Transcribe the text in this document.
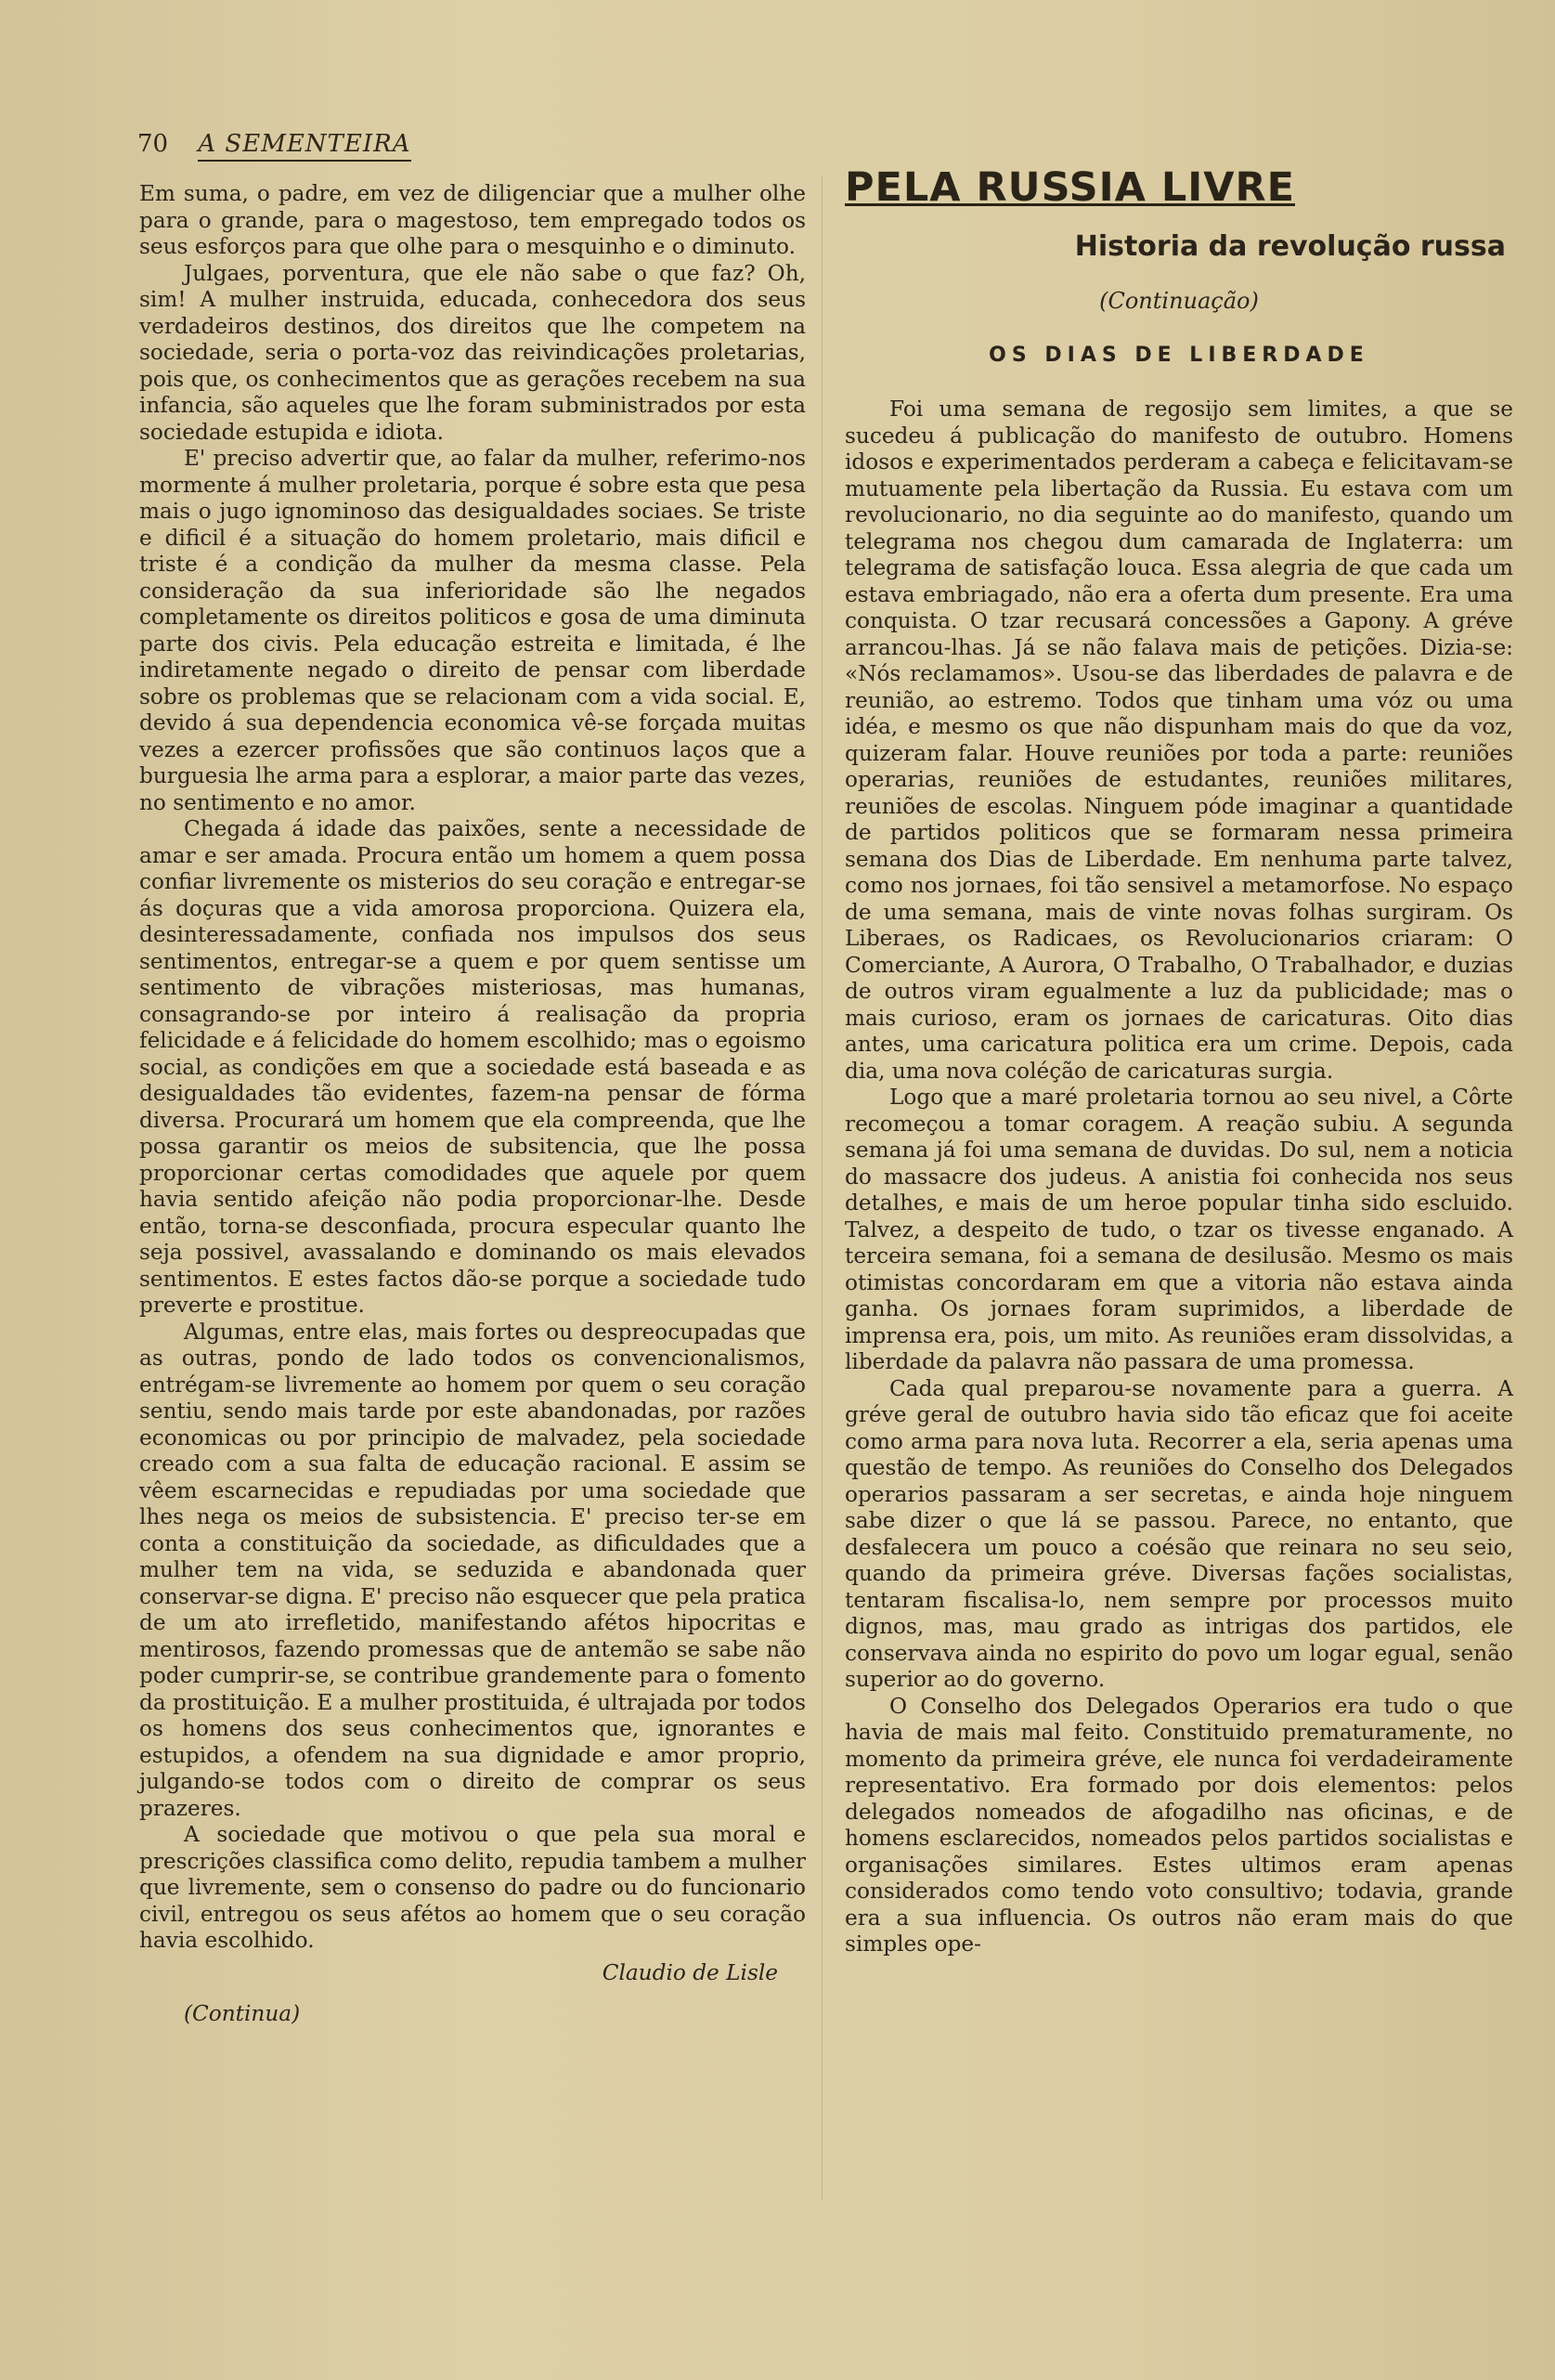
70 A SEMENTEIRA

Em suma, o padre, em vez de diligenciar que a mulher olhe para o grande, para o magestoso, tem empregado todos os seus esforços para que olhe para o mesquinho e o diminuto.

Julgaes, porventura, que ele não sabe o que faz? Oh, sim! A mulher instruida, educada, conhecedora dos seus verdadeiros destinos, dos direitos que lhe competem na sociedade, seria o porta-voz das reivindicações proletarias, pois que, os conhecimentos que as gerações recebem na sua infancia, são aqueles que lhe foram subministrados por esta sociedade estupida e idiota.

E' preciso advertir que, ao falar da mulher, referimo-nos mormente á mulher proletaria, porque é sobre esta que pesa mais o jugo ignominoso das desigualdades sociaes. Se triste e dificil é a situação do homem proletario, mais dificil e triste é a condição da mulher da mesma classe. Pela consideração da sua inferioridade são lhe negados completamente os direitos politicos e gosa de uma diminuta parte dos civis. Pela educação estreita e limitada, é lhe indiretamente negado o direito de pensar com liberdade sobre os problemas que se relacionam com a vida social. E, devido á sua dependencia economica vê-se forçada muitas vezes a ezercer profissões que são continuos laços que a burguesia lhe arma para a esplorar, a maior parte das vezes, no sentimento e no amor.

Chegada á idade das paixões, sente a necessidade de amar e ser amada. Procura então um homem a quem possa confiar livremente os misterios do seu coração e entregar-se ás doçuras que a vida amorosa proporciona. Quizera ela, desinteressadamente, confiada nos impulsos dos seus sentimentos, entregar-se a quem e por quem sentisse um sentimento de vibrações misteriosas, mas humanas, consagrando-se por inteiro á realisação da propria felicidade e á felicidade do homem escolhido; mas o egoismo social, as condições em que a sociedade está baseada e as desigualdades tão evidentes, fazem-na pensar de fórma diversa. Procurará um homem que ela compreenda, que lhe possa garantir os meios de subsitencia, que lhe possa proporcionar certas comodidades que aquele por quem havia sentido afeição não podia proporcionar-lhe. Desde então, torna-se desconfiada, procura especular quanto lhe seja possivel, avassalando e dominando os mais elevados sentimentos. E estes factos dão-se porque a sociedade tudo preverte e prostitue.

Algumas, entre elas, mais fortes ou despreocupadas que as outras, pondo de lado todos os convencionalismos, entrégam-se livremente ao homem por quem o seu coração sentiu, sendo mais tarde por este abandonadas, por razões economicas ou por principio de malvadez, pela sociedade creado com a sua falta de educação racional. E assim se vêem escarnecidas e repudiadas por uma sociedade que lhes nega os meios de subsistencia. E' preciso ter-se em conta a constituição da sociedade, as dificuldades que a mulher tem na vida, se seduzida e abandonada quer conservar-se digna. E' preciso não esquecer que pela pratica de um ato irrefletido, manifestando afétos hipocritas e mentirosos, fazendo promessas que de antemão se sabe não poder cumprir-se, se contribue grandemente para o fomento da prostituição. E a mulher prostituida, é ultrajada por todos os homens dos seus conhecimentos que, ignorantes e estupidos, a ofendem na sua dignidade e amor proprio, julgando-se todos com o direito de comprar os seus prazeres.

A sociedade que motivou o que pela sua moral e prescrições classifica como delito, repudia tambem a mulher que livremente, sem o consenso do padre ou do funcionario civil, entregou os seus afétos ao homem que o seu coração havia escolhido.

Claudio de Lisle
(Continua)
PELA RUSSIA LIVRE
Historia da revolução russa
(Continuação)
OS DIAS DE LIBERDADE

Foi uma semana de regosijo sem limites, a que se sucedeu á publicação do manifesto de outubro. Homens idosos e experimentados perderam a cabeça e felicitavam-se mutuamente pela libertação da Russia. Eu estava com um revolucionario, no dia seguinte ao do manifesto, quando um telegrama nos chegou dum camarada de Inglaterra: um telegrama de satisfação louca. Essa alegria de que cada um estava embriagado, não era a oferta dum presente. Era uma conquista. O tzar recusará concessões a Gapony. A gréve arrancou-lhas. Já se não falava mais de petições. Dizia-se: «Nós reclamamos». Usou-se das liberdades de palavra e de reunião, ao estremo. Todos que tinham uma vóz ou uma idéa, e mesmo os que não dispunham mais do que da voz, quizeram falar. Houve reuniões por toda a parte: reuniões operarias, reuniões de estudantes, reuniões militares, reuniões de escolas. Ninguem póde imaginar a quantidade de partidos politicos que se formaram nessa primeira semana dos Dias de Liberdade. Em nenhuma parte talvez, como nos jornaes, foi tão sensivel a metamorfose. No espaço de uma semana, mais de vinte novas folhas surgiram. Os Liberaes, os Radicaes, os Revolucionarios criaram: O Comerciante, A Aurora, O Trabalho, O Trabalhador, e duzias de outros viram egualmente a luz da publicidade; mas o mais curioso, eram os jornaes de caricaturas. Oito dias antes, uma caricatura politica era um crime. Depois, cada dia, uma nova coléção de caricaturas surgia.

Logo que a maré proletaria tornou ao seu nivel, a Côrte recomeçou a tomar coragem. A reação subiu. A segunda semana já foi uma semana de duvidas. Do sul, nem a noticia do massacre dos judeus. A anistia foi conhecida nos seus detalhes, e mais de um heroe popular tinha sido escluido. Talvez, a despeito de tudo, o tzar os tivesse enganado. A terceira semana, foi a semana de desilusão. Mesmo os mais otimistas concordaram em que a vitoria não estava ainda ganha. Os jornaes foram suprimidos, a liberdade de imprensa era, pois, um mito. As reuniões eram dissolvidas, a liberdade da palavra não passara de uma promessa.

Cada qual preparou-se novamente para a guerra. A gréve geral de outubro havia sido tão eficaz que foi aceite como arma para nova luta. Recorrer a ela, seria apenas uma questão de tempo. As reuniões do Conselho dos Delegados operarios passaram a ser secretas, e ainda hoje ninguem sabe dizer o que lá se passou. Parece, no entanto, que desfalecera um pouco a coésão que reinara no seu seio, quando da primeira gréve. Diversas fações socialistas, tentaram fiscalisa-lo, nem sempre por processos muito dignos, mas, mau grado as intrigas dos partidos, ele conservava ainda no espirito do povo um logar egual, senão superior ao do governo.

O Conselho dos Delegados Operarios era tudo o que havia de mais mal feito. Constituido prematuramente, no momento da primeira gréve, ele nunca foi verdadeiramente representativo. Era formado por dois elementos: pelos delegados nomeados de afogadilho nas oficinas, e de homens esclarecidos, nomeados pelos partidos socialistas e organisações similares. Estes ultimos eram apenas considerados como tendo voto consultivo; todavia, grande era a sua influencia. Os outros não eram mais do que simples ope-
